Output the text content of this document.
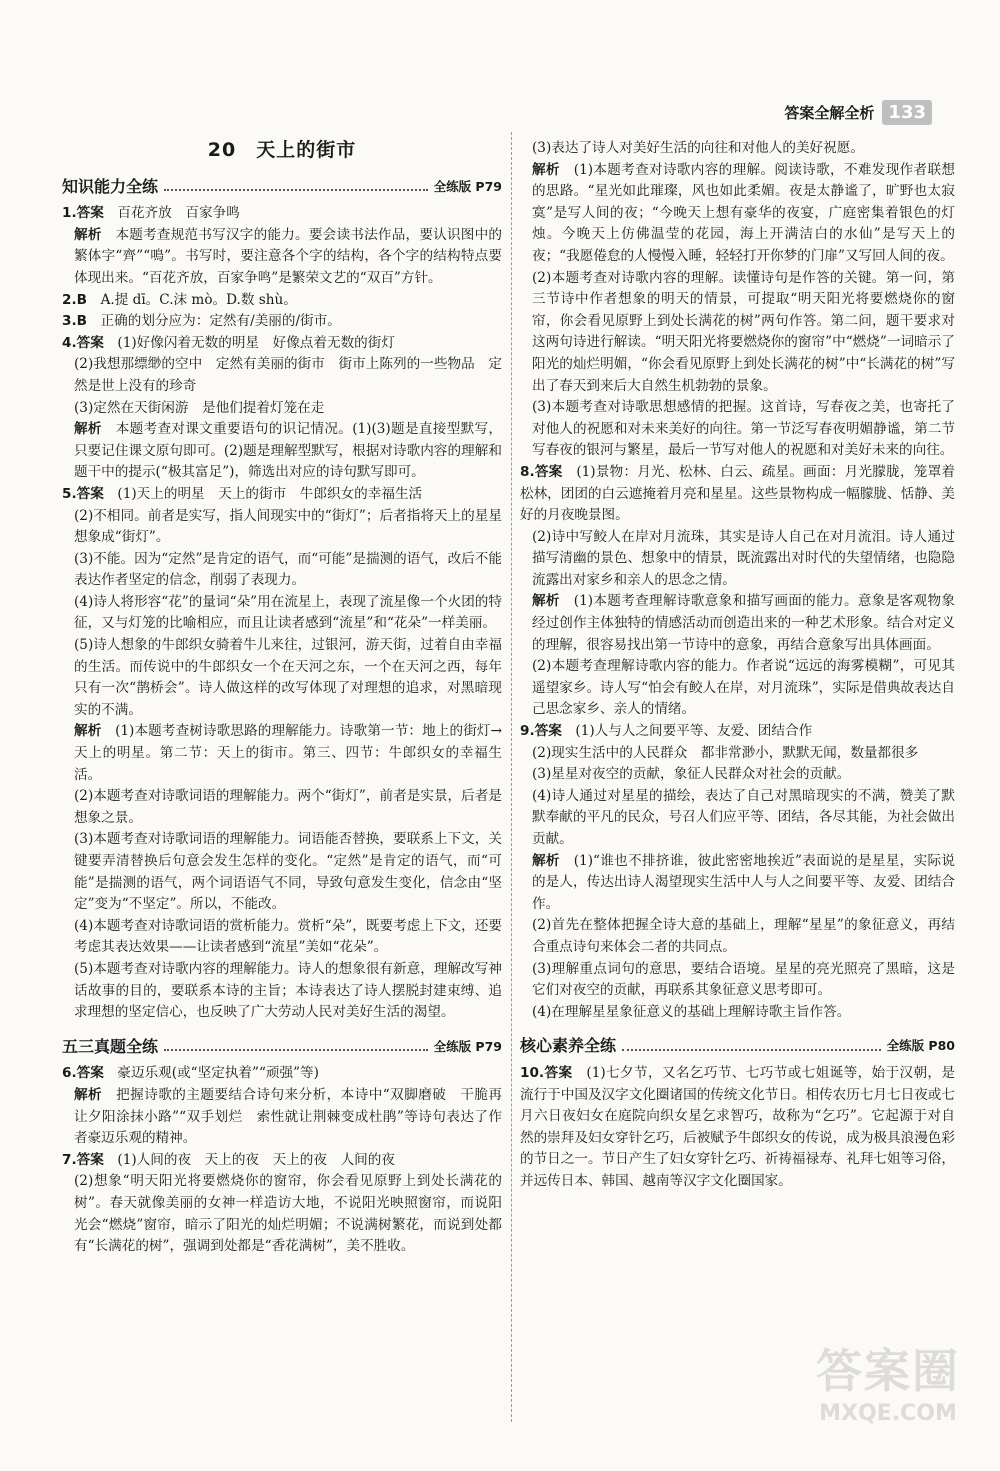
答案全解全析 133
20　天上的街市
知识能力全练	全练版 P79

1.答案　 百花齐放　百家争鸣

解析　 本题考查规范书写汉字的能力。要会读书法作品，要认识图中的繁体字“齊”“鳴”。书写时，要注意各个字的结构，各个字的结构特点要体现出来。“百花齐放，百家争鸣”是繁荣文艺的“双百”方针。

2.B　 A.提 dī。C.沫 mò。D.数 shù。

3.B　 正确的划分应为：定然有/美丽的/街市。

4.答案　 (1)好像闪着无数的明星　好像点着无数的街灯

(2)我想那缥缈的空中　定然有美丽的街市　街市上陈列的一些物品　定然是世上没有的珍奇

(3)定然在天街闲游　是他们提着灯笼在走

解析　 本题考查对课文重要语句的识记情况。(1)(3)题是直接型默写，只要记住课文原句即可。(2)题是理解型默写，根据对诗歌内容的理解和题干中的提示(“极其富足”)，筛选出对应的诗句默写即可。

5.答案　 (1)天上的明星　天上的街市　牛郎织女的幸福生活

(2)不相同。前者是实写，指人间现实中的“街灯”；后者指将天上的星星想象成“街灯”。

(3)不能。因为“定然”是肯定的语气，而“可能”是揣测的语气，改后不能表达作者坚定的信念，削弱了表现力。

(4)诗人将形容“花”的量词“朵”用在流星上，表现了流星像一个火团的特征，又与灯笼的比喻相应，而且让读者感到“流星”和“花朵”一样美丽。

(5)诗人想象的牛郎织女骑着牛儿来往，过银河，游天街，过着自由幸福的生活。而传说中的牛郎织女一个在天河之东，一个在天河之西，每年只有一次“鹊桥会”。诗人做这样的改写体现了对理想的追求，对黑暗现实的不满。

解析　 (1)本题考查树诗歌思路的理解能力。诗歌第一节：地上的街灯→天上的明星。第二节：天上的街市。第三、四节：牛郎织女的幸福生活。

(2)本题考查对诗歌词语的理解能力。两个“街灯”，前者是实景，后者是想象之景。

(3)本题考查对诗歌词语的理解能力。词语能否替换，要联系上下文，关键要弄清替换后句意会发生怎样的变化。“定然”是肯定的语气，而“可能”是揣测的语气，两个词语语气不同，导致句意发生变化，信念由“坚定”变为“不坚定”。所以，不能改。

(4)本题考查对诗歌词语的赏析能力。赏析“朵”，既要考虑上下文，还要考虑其表达效果——让读者感到“流星”美如“花朵”。

(5)本题考查对诗歌内容的理解能力。诗人的想象很有新意，理解改写神话故事的目的，要联系本诗的主旨；本诗表达了诗人摆脱封建束缚、追求理想的坚定信心，也反映了广大劳动人民对美好生活的渴望。

五三真题全练	全练版 P79

6.答案　 豪迈乐观(或“坚定执着”“顽强”等)

解析　 把握诗歌的主题要结合诗句来分析，本诗中“双脚磨破　干脆再让夕阳涂抹小路”“双手划烂　索性就让荆棘变成杜鹃”等诗句表达了作者豪迈乐观的精神。

7.答案　 (1)人间的夜　天上的夜　天上的夜　人间的夜

(2)想象“明天阳光将要燃烧你的窗帘，你会看见原野上到处长满花的树”。春天就像美丽的女神一样造访大地，不说阳光映照窗帘，而说阳光会“燃烧”窗帘，暗示了阳光的灿烂明媚；不说满树繁花，而说到处都有“长满花的树”，强调到处都是“香花满树”，美不胜收。

(3)表达了诗人对美好生活的向往和对他人的美好祝愿。

解析　 (1)本题考查对诗歌内容的理解。阅读诗歌，不难发现作者联想的思路。“星光如此璀璨，风也如此柔媚。夜是太静谧了，旷野也太寂寞”是写人间的夜；“今晚天上想有豪华的夜宴，广庭密集着银色的灯烛。今晚天上仿佛温莹的花园，海上开满洁白的水仙”是写天上的夜；“我愿倦怠的人慢慢入睡，轻轻打开你梦的门扉”又写回人间的夜。

(2)本题考查对诗歌内容的理解。读懂诗句是作答的关键。第一问，第三节诗中作者想象的明天的情景，可提取“明天阳光将要燃烧你的窗帘，你会看见原野上到处长满花的树”两句作答。第二问，题干要求对这两句诗进行解读。“明天阳光将要燃烧你的窗帘”中“燃烧”一词暗示了阳光的灿烂明媚，“你会看见原野上到处长满花的树”中“长满花的树”写出了春天到来后大自然生机勃勃的景象。

(3)本题考查对诗歌思想感情的把握。这首诗，写春夜之美，也寄托了对他人的祝愿和对未来美好的向往。第一节泛写春夜明媚静谧，第二节写春夜的银河与繁星，最后一节写对他人的祝愿和对美好未来的向往。

8.答案　 (1)景物：月光、松林、白云、疏星。画面：月光朦胧，笼罩着松林，团团的白云遮掩着月亮和星星。这些景物构成一幅朦胧、恬静、美好的月夜晚景图。

(2)诗中写鲛人在岸对月流珠，其实是诗人自己在对月流泪。诗人通过描写清幽的景色、想象中的情景，既流露出对时代的失望情绪，也隐隐流露出对家乡和亲人的思念之情。

解析　 (1)本题考查理解诗歌意象和描写画面的能力。意象是客观物象经过创作主体独特的情感活动而创造出来的一种艺术形象。结合对定义的理解，很容易找出第一节诗中的意象，再结合意象写出具体画面。

(2)本题考查理解诗歌内容的能力。作者说“远远的海雾模糊”，可见其遥望家乡。诗人写“怕会有鲛人在岸，对月流珠”，实际是借典故表达自己思念家乡、亲人的情绪。

9.答案　 (1)人与人之间要平等、友爱、团结合作

(2)现实生活中的人民群众　都非常渺小，默默无闻，数量都很多

(3)星星对夜空的贡献，象征人民群众对社会的贡献。

(4)诗人通过对星星的描绘，表达了自己对黑暗现实的不满，赞美了默默奉献的平凡的民众，号召人们应平等、团结，各尽其能，为社会做出贡献。

解析　 (1)“谁也不排挤谁，彼此密密地挨近”表面说的是星星，实际说的是人，传达出诗人渴望现实生活中人与人之间要平等、友爱、团结合作。

(2)首先在整体把握全诗大意的基础上，理解“星星”的象征意义，再结合重点诗句来体会二者的共同点。

(3)理解重点词句的意思，要结合语境。星星的亮光照亮了黑暗，这是它们对夜空的贡献，再联系其象征意义思考即可。

(4)在理解星星象征意义的基础上理解诗歌主旨作答。

核心素养全练	全练版 P80

10.答案　 (1)七夕节，又名乞巧节、七巧节或七姐诞等，始于汉朝，是流行于中国及汉字文化圈诸国的传统文化节日。相传农历七月七日夜或七月六日夜妇女在庭院向织女星乞求智巧，故称为“乞巧”。它起源于对自然的崇拜及妇女穿针乞巧，后被赋予牛郎织女的传说，成为极具浪漫色彩的节日之一。节日产生了妇女穿针乞巧、祈祷福禄寿、礼拜七姐等习俗，并远传日本、韩国、越南等汉字文化圈国家。

答案圈
MXQE.COM
